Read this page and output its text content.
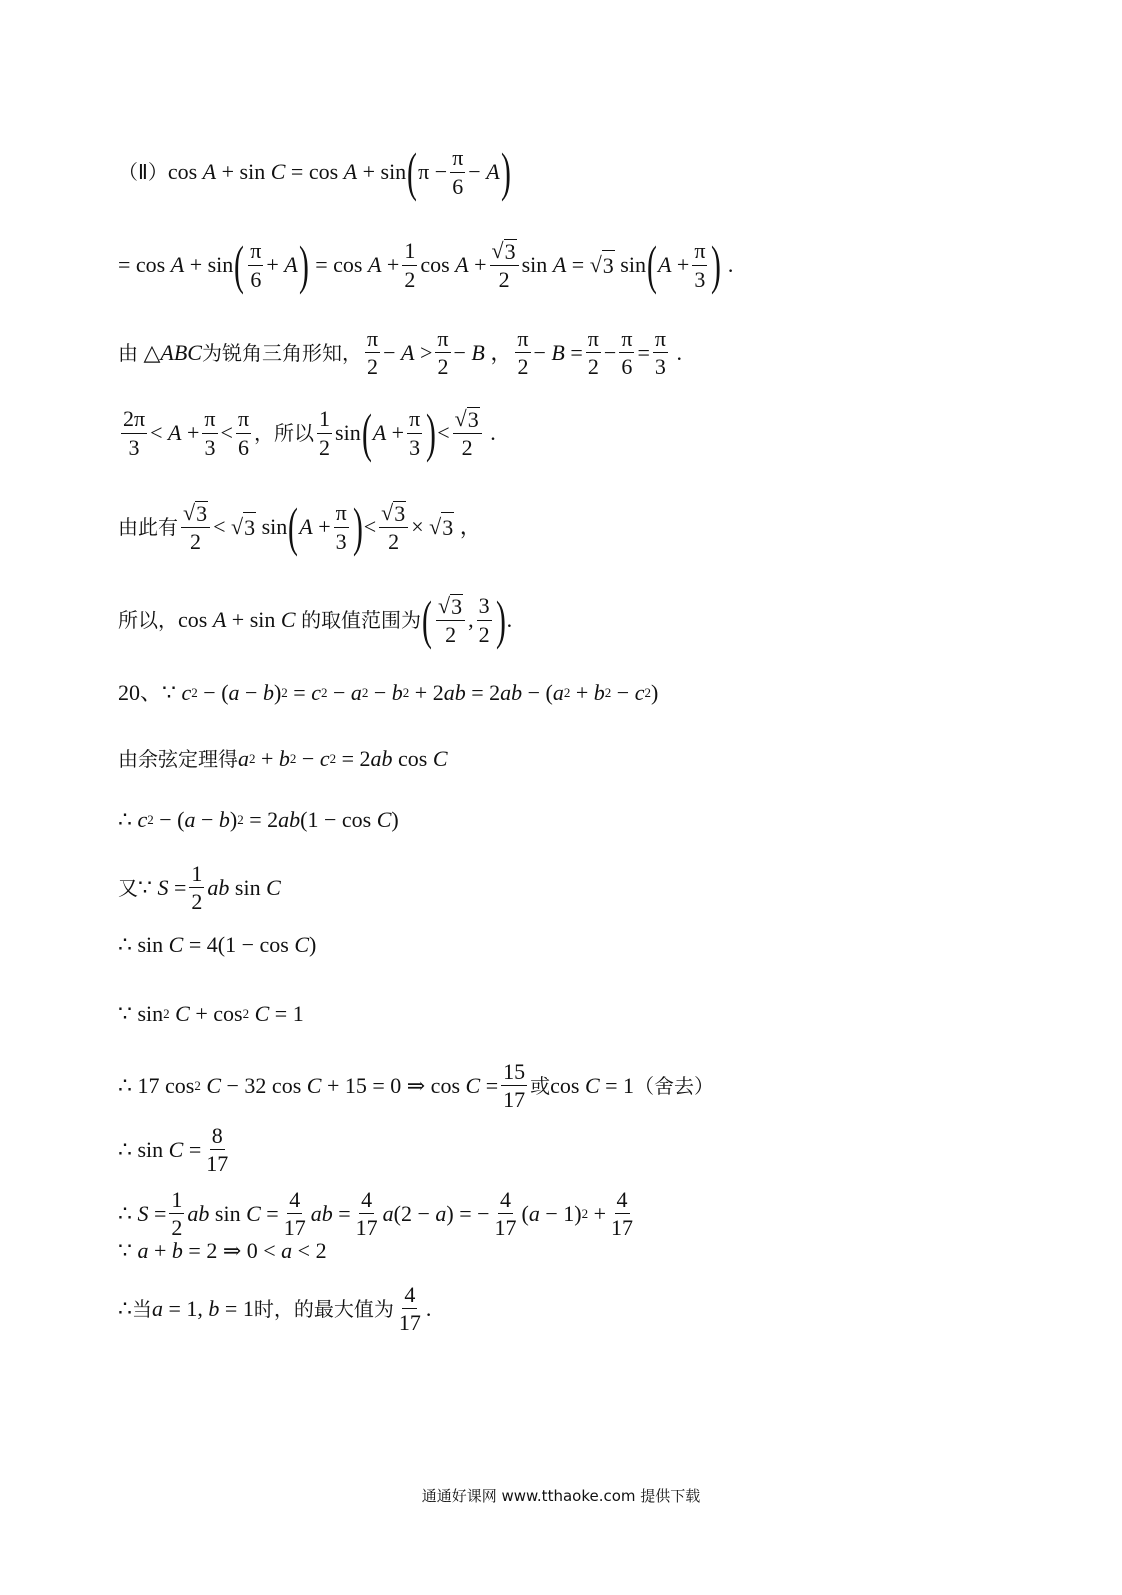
（Ⅱ） cos A + sin C = cos A + sin ( $\pi - \frac{\pi}{6} - A$ )
= cos A + sin ( $\frac{\pi}{6} + A$ ) = $\cos A + \frac{1}{2}$ $\cos A + \frac{√ 3}{2}$ sin A = √ 3 sin ( $A + \frac{\pi}{3}$ ) .
由 △ ABC 为锐角三角形知， $\frac{\pi}{2} - A > \frac{\pi}{2} - B$ ， $\frac{\pi}{2} - B = \frac{\pi}{2} - \frac{\pi}{6} = \frac{\pi}{3}$ .
$\frac{2\pi}{3} < A + \frac{\pi}{3} < \frac{\pi}{6}$ ，所以 $\frac{1}{2}$ sin ( $A + \frac{\pi}{3}$ ) < $\frac{√ 3}{2}$ .
由此有 $\frac{√ 3}{2}$ < √ 3 sin ( $A + \frac{\pi}{3}$ ) < $\frac{√ 3}{2}$ × √ 3 ，
所以， cos A + sin C
的取值范围为 ( $\frac{√ 3}{2}$ , $\frac{3}{2}$ ) .
20、 ∵ c 2 − ( a − b ) 2 = c 2 − a 2 − b 2 + 2 ab = 2 ab − ( a 2 + b 2 − c 2 )
由余弦定理得 a 2 + b 2 − c 2 = 2 ab cos C
∴ c 2 − ( a − b ) 2 = 2 ab (1 − cos C )
又 ∵ $S = \frac{1}{2}$ ab sin C
∴ sin C = 4(1 − cos C )
∵ sin 2
C + cos 2
C = 1
∴ 17 cos 2
C − 32 cos C + 15 = 0 ⇒ $\cos C = \frac{15}{17}$ 或 cos C = 1 （舍去）
∴ $\sin C = \frac{8}{17}$
∴ $S = \frac{1}{2}$ ab $\sin C = \frac{4}{17}$ ab = $\frac{4}{17}$ a (2 − a ) = − $\frac{4}{17}$ ( a − 1) $2 + \frac{4}{17}$
∵ a + b = 2 ⇒ 0 < a < 2
∴ 当 a = 1, b = 1 时， 的最大值为 $\frac{4}{17}$ .
通通好课网 www.tthaoke.com 提供下载
